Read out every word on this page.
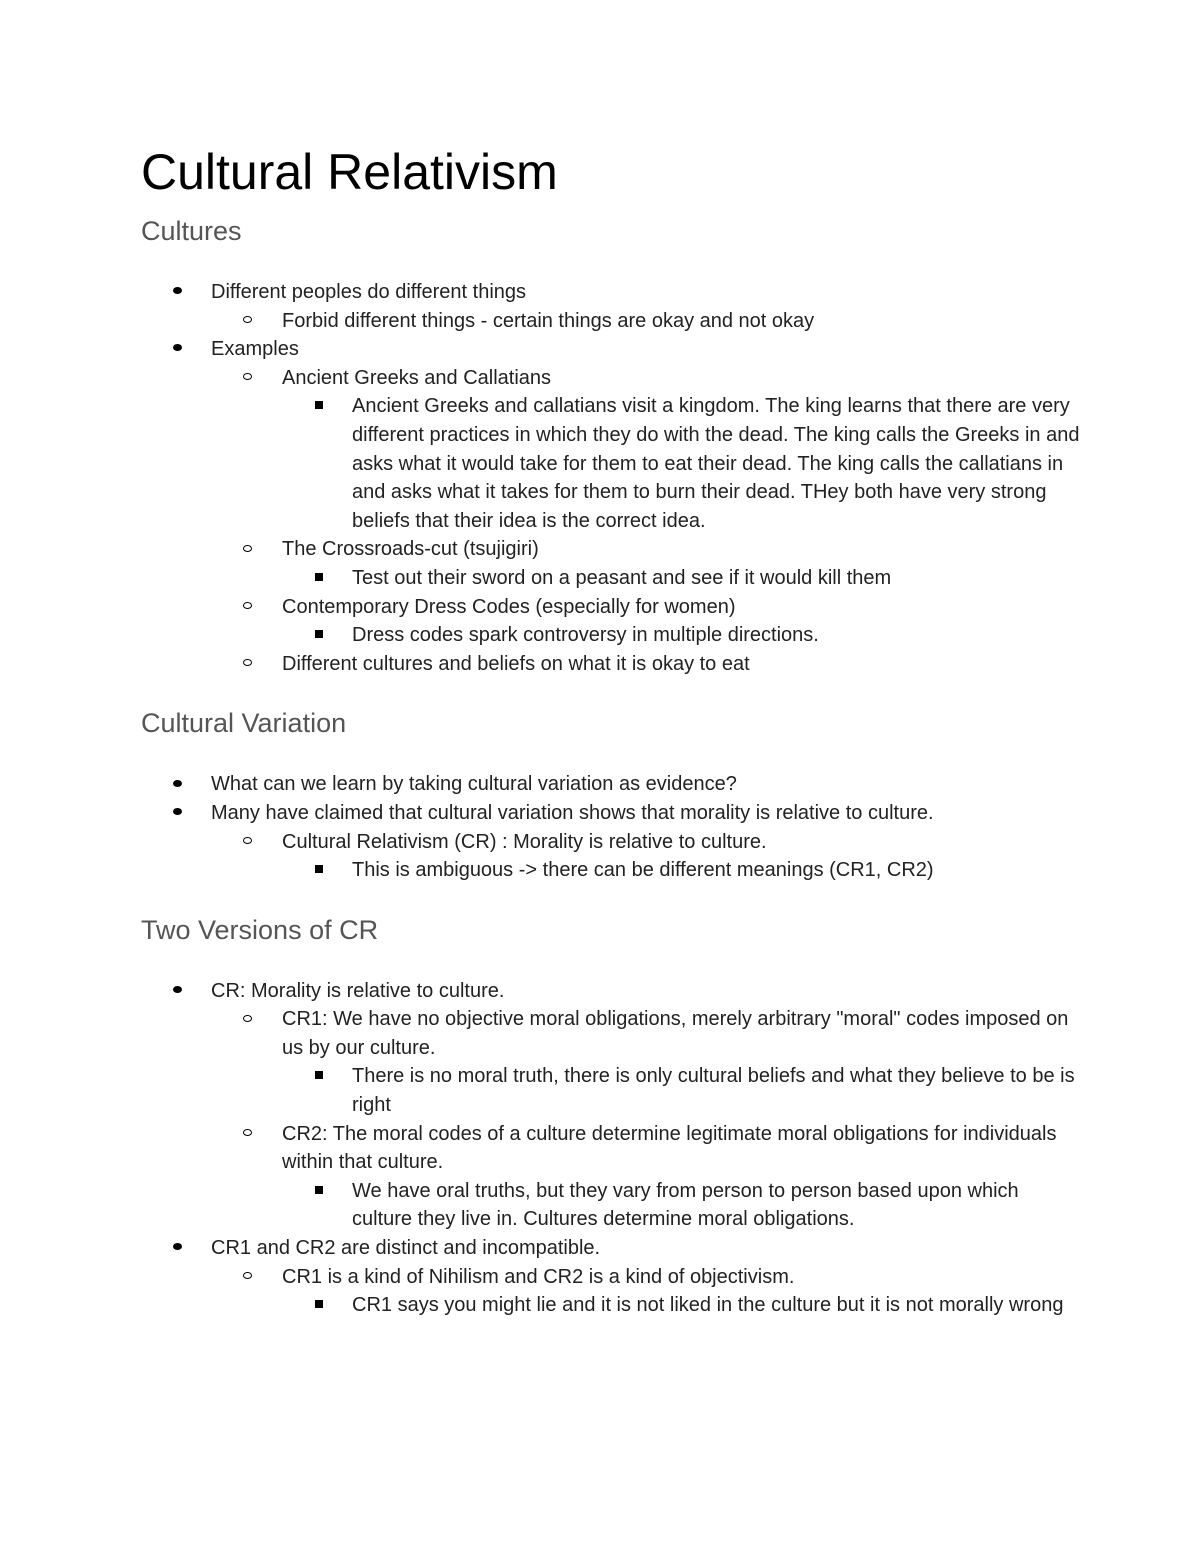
Cultural Relativism
Cultures
Different peoples do different things
Forbid different things - certain things are okay and not okay
Examples
Ancient Greeks and Callatians
Ancient Greeks and callatians visit a kingdom. The king learns that there are very different practices in which they do with the dead. The king calls the Greeks in and asks what it would take for them to eat their dead. The king calls the callatians in and asks what it takes for them to burn their dead. THey both have very strong beliefs that their idea is the correct idea.
The Crossroads-cut (tsujigiri)
Test out their sword on a peasant and see if it would kill them
Contemporary Dress Codes (especially for women)
Dress codes spark controversy in multiple directions.
Different cultures and beliefs on what it is okay to eat
Cultural Variation
What can we learn by taking cultural variation as evidence?
Many have claimed that cultural variation shows that morality is relative to culture.
Cultural Relativism (CR) : Morality is relative to culture.
This is ambiguous -> there can be different meanings (CR1, CR2)
Two Versions of CR
CR: Morality is relative to culture.
CR1: We have no objective moral obligations, merely arbitrary "moral" codes imposed on us by our culture.
There is no moral truth, there is only cultural beliefs and what they believe to be is right
CR2: The moral codes of a culture determine legitimate moral obligations for individuals within that culture.
We have oral truths, but they vary from person to person based upon which culture they live in. Cultures determine moral obligations.
CR1 and CR2 are distinct and incompatible.
CR1 is a kind of Nihilism and CR2 is a kind of objectivism.
CR1 says you might lie and it is not liked in the culture but it is not morally wrong
